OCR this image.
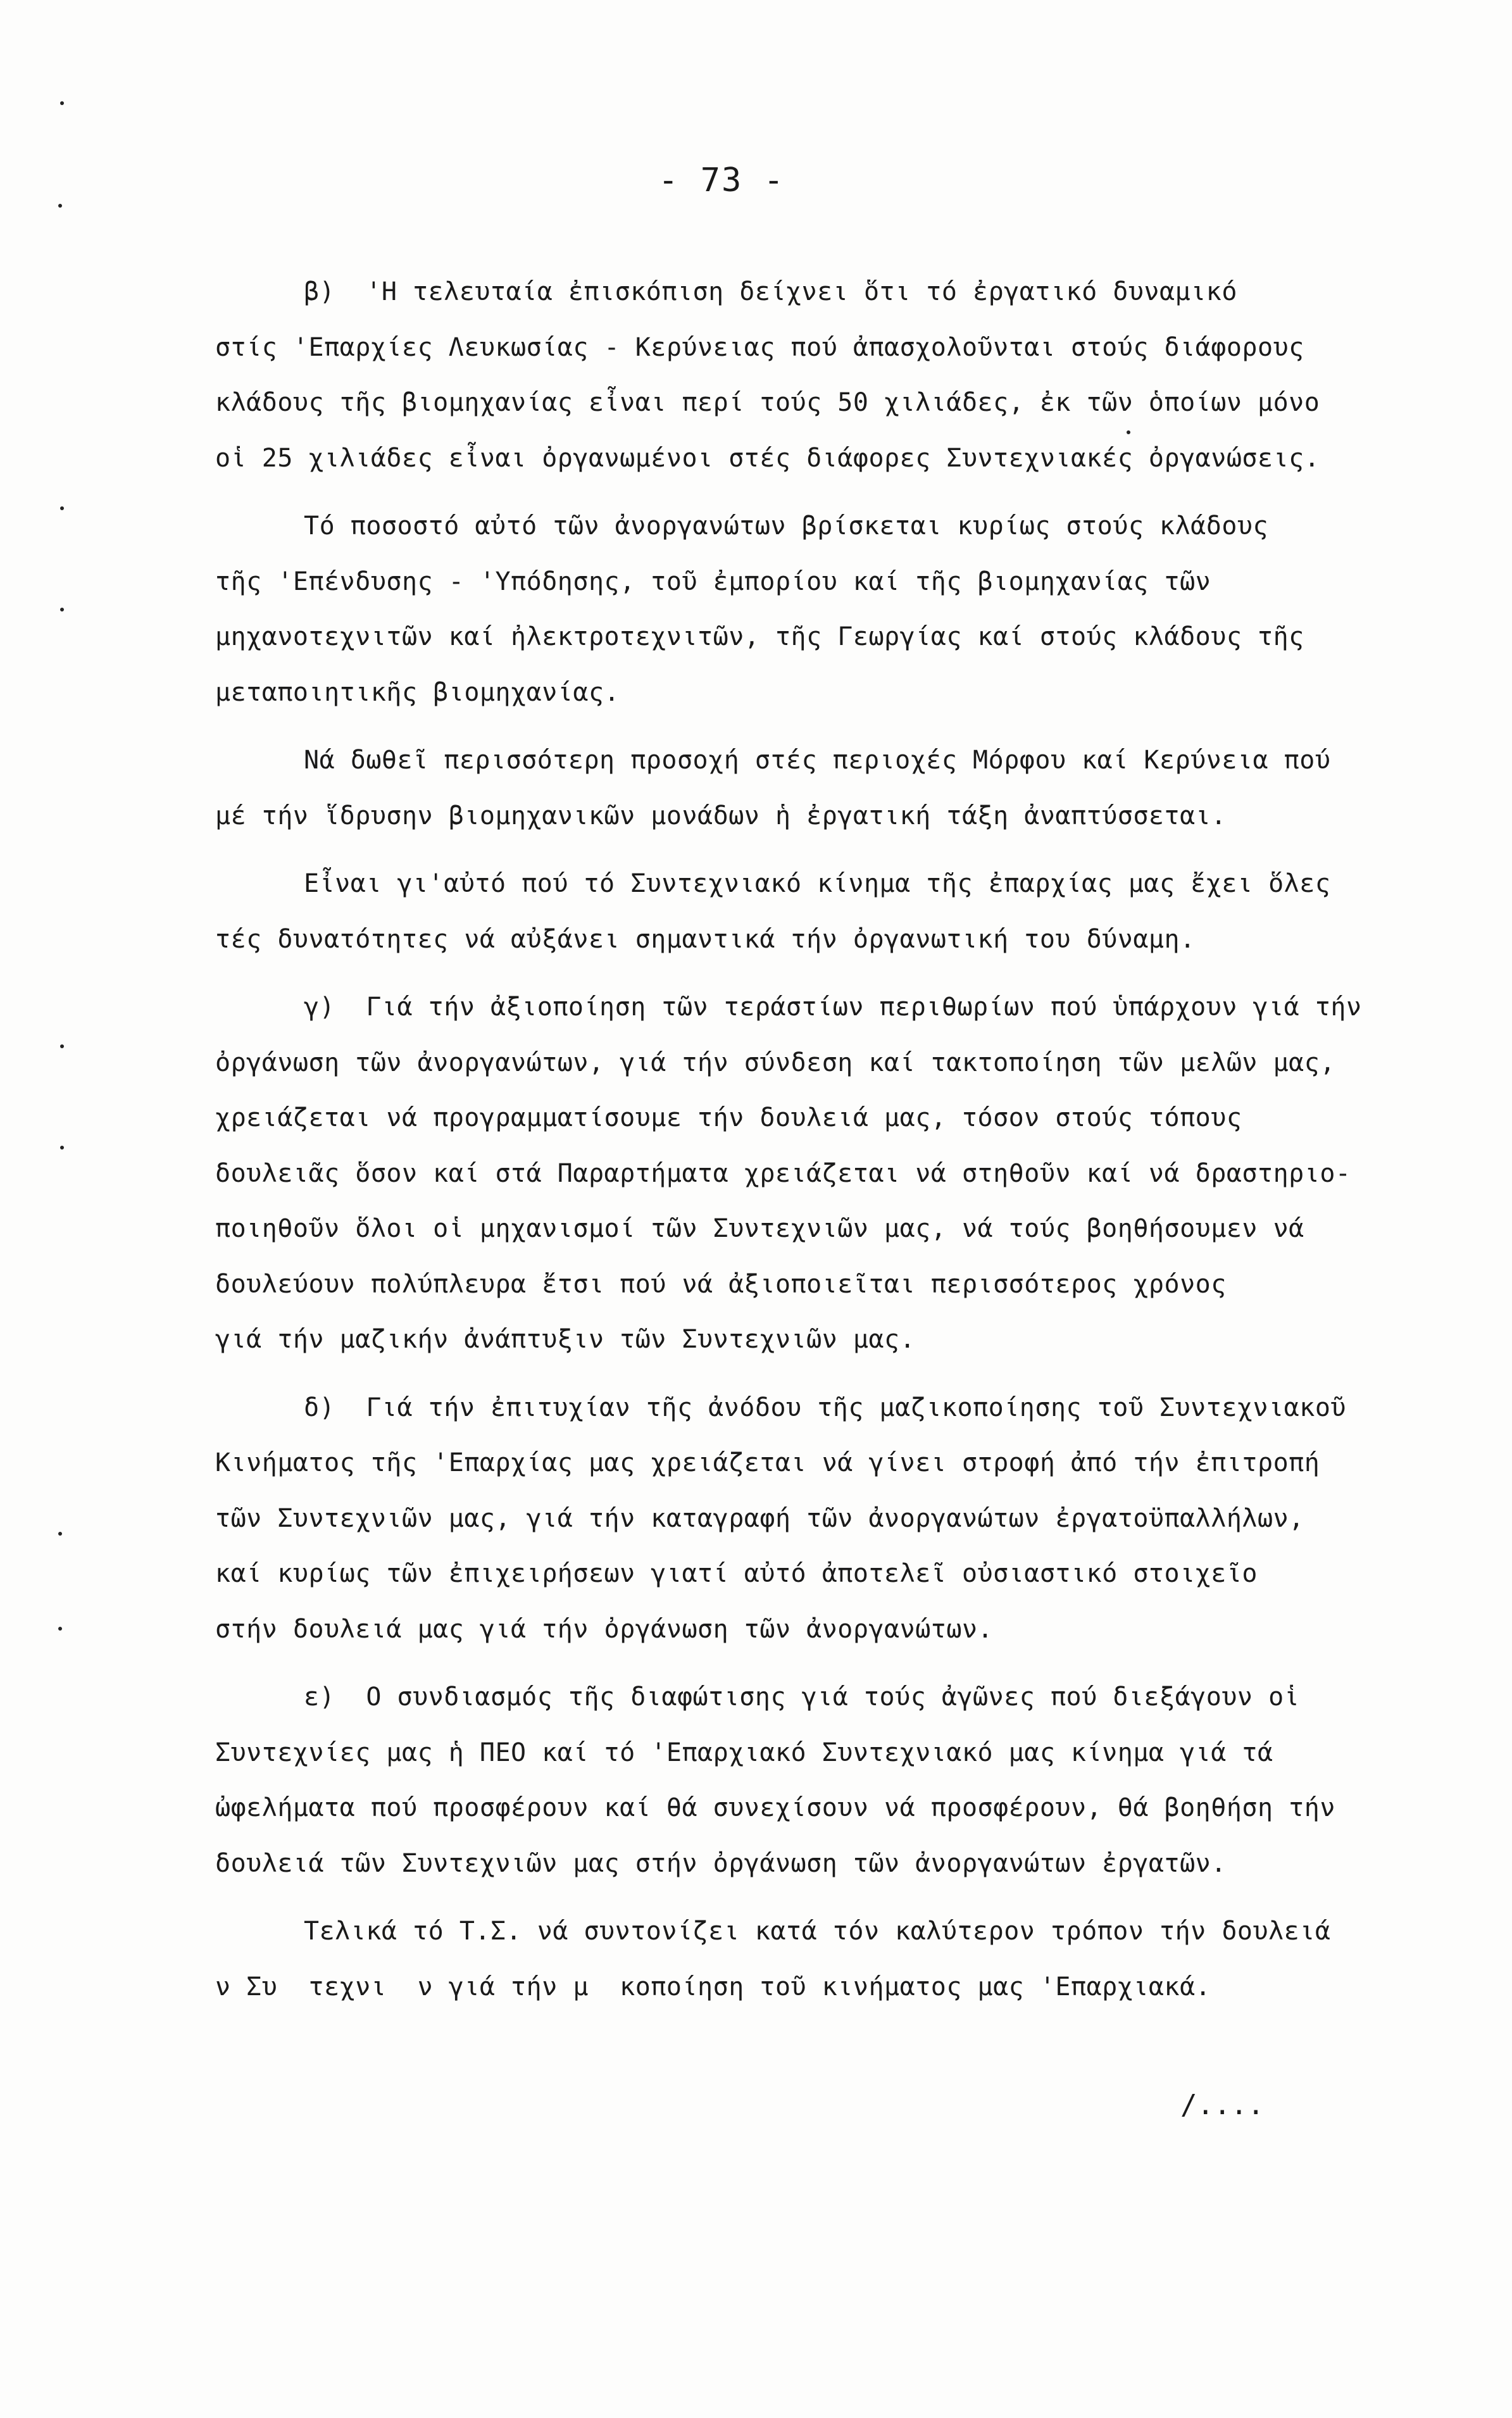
- 73 -
β)  'Η τελευταία ἐπισκόπιση δείχνει ὅτι τό ἐργατικό δυναμικό
στίς 'Επαρχίες Λευκωσίας - Κερύνειας πού ἀπασχολοῦνται στούς διάφορους
κλάδους τῆς βιομηχανίας εἶναι περί τούς 50 χιλιάδες, ἐκ τῶν ὁποίων μόνο
οἱ 25 χιλιάδες εἶναι ὀργανωμένοι στές διάφορες Συντεχνιακές ὀργανώσεις.
Τό ποσοστό αὐτό τῶν ἀνοργανώτων βρίσκεται κυρίως στούς κλάδους
τῆς 'Επένδυσης - 'Υπόδησης, τοῦ ἐμπορίου καί τῆς βιομηχανίας τῶν
μηχανοτεχνιτῶν καί ἠλεκτροτεχνιτῶν, τῆς Γεωργίας καί στούς κλάδους τῆς
μεταποιητικῆς βιομηχανίας.
Νά δωθεῖ περισσότερη προσοχή στές περιοχές Μόρφου καί Κερύνεια πού
μέ τήν ἵδρυσην βιομηχανικῶν μονάδων ἡ ἐργατική τάξη ἀναπτύσσεται.
Εἶναι γι'αὐτό πού τό Συντεχνιακό κίνημα τῆς ἐπαρχίας μας ἔχει ὅλες
τές δυνατότητες νά αὐξάνει σημαντικά τήν ὀργανωτική του δύναμη.
γ)  Γιά τήν ἀξιοποίηση τῶν τεράστίων περιθωρίων πού ὑπάρχουν γιά τήν
ὀργάνωση τῶν ἀνοργανώτων, γιά τήν σύνδεση καί τακτοποίηση τῶν μελῶν μας,
χρειάζεται νά προγραμματίσουμε τήν δουλειά μας, τόσον στούς τόπους
δουλειᾶς ὅσον καί στά Παραρτήματα χρειάζεται νά στηθοῦν καί νά δραστηριο-
ποιηθοῦν ὅλοι οἱ μηχανισμοί τῶν Συντεχνιῶν μας, νά τούς βοηθήσουμεν νά
δουλεύουν πολύπλευρα ἔτσι πού νά ἀξιοποιεῖται περισσότερος χρόνος
γιά τήν μαζικήν ἀνάπτυξιν τῶν Συντεχνιῶν μας.
δ)  Γιά τήν ἐπιτυχίαν τῆς ἀνόδου τῆς μαζικοποίησης τοῦ Συντεχνιακοῦ
Κινήματος τῆς 'Επαρχίας μας χρειάζεται νά γίνει στροφή ἀπό τήν ἐπιτροπή
τῶν Συντεχνιῶν μας, γιά τήν καταγραφή τῶν ἀνοργανώτων ἐργατοϋπαλλήλων,
καί κυρίως τῶν ἐπιχειρήσεων γιατί αὐτό ἀποτελεῖ οὐσιαστικό στοιχεῖο
στήν δουλειά μας γιά τήν ὀργάνωση τῶν ἀνοργανώτων.
ε)  Ο συνδιασμός τῆς διαφώτισης γιά τούς ἀγῶνες πού διεξάγουν οἱ
Συντεχνίες μας ἡ ΠΕΟ καί τό 'Επαρχιακό Συντεχνιακό μας κίνημα γιά τά
ὠφελήματα πού προσφέρουν καί θά συνεχίσουν νά προσφέρουν, θά βοηθήση τήν
δουλειά τῶν Συντεχνιῶν μας στήν ὀργάνωση τῶν ἀνοργανώτων ἐργατῶν.
Τελικά τό Τ.Σ. νά συντονίζει κατά τόν καλύτερον τρόπον τήν δουλειά
ν Συ  τεχνι  ν γιά τήν μ  κοποίηση τοῦ κινήματος μας 'Επαρχιακά.
/....
